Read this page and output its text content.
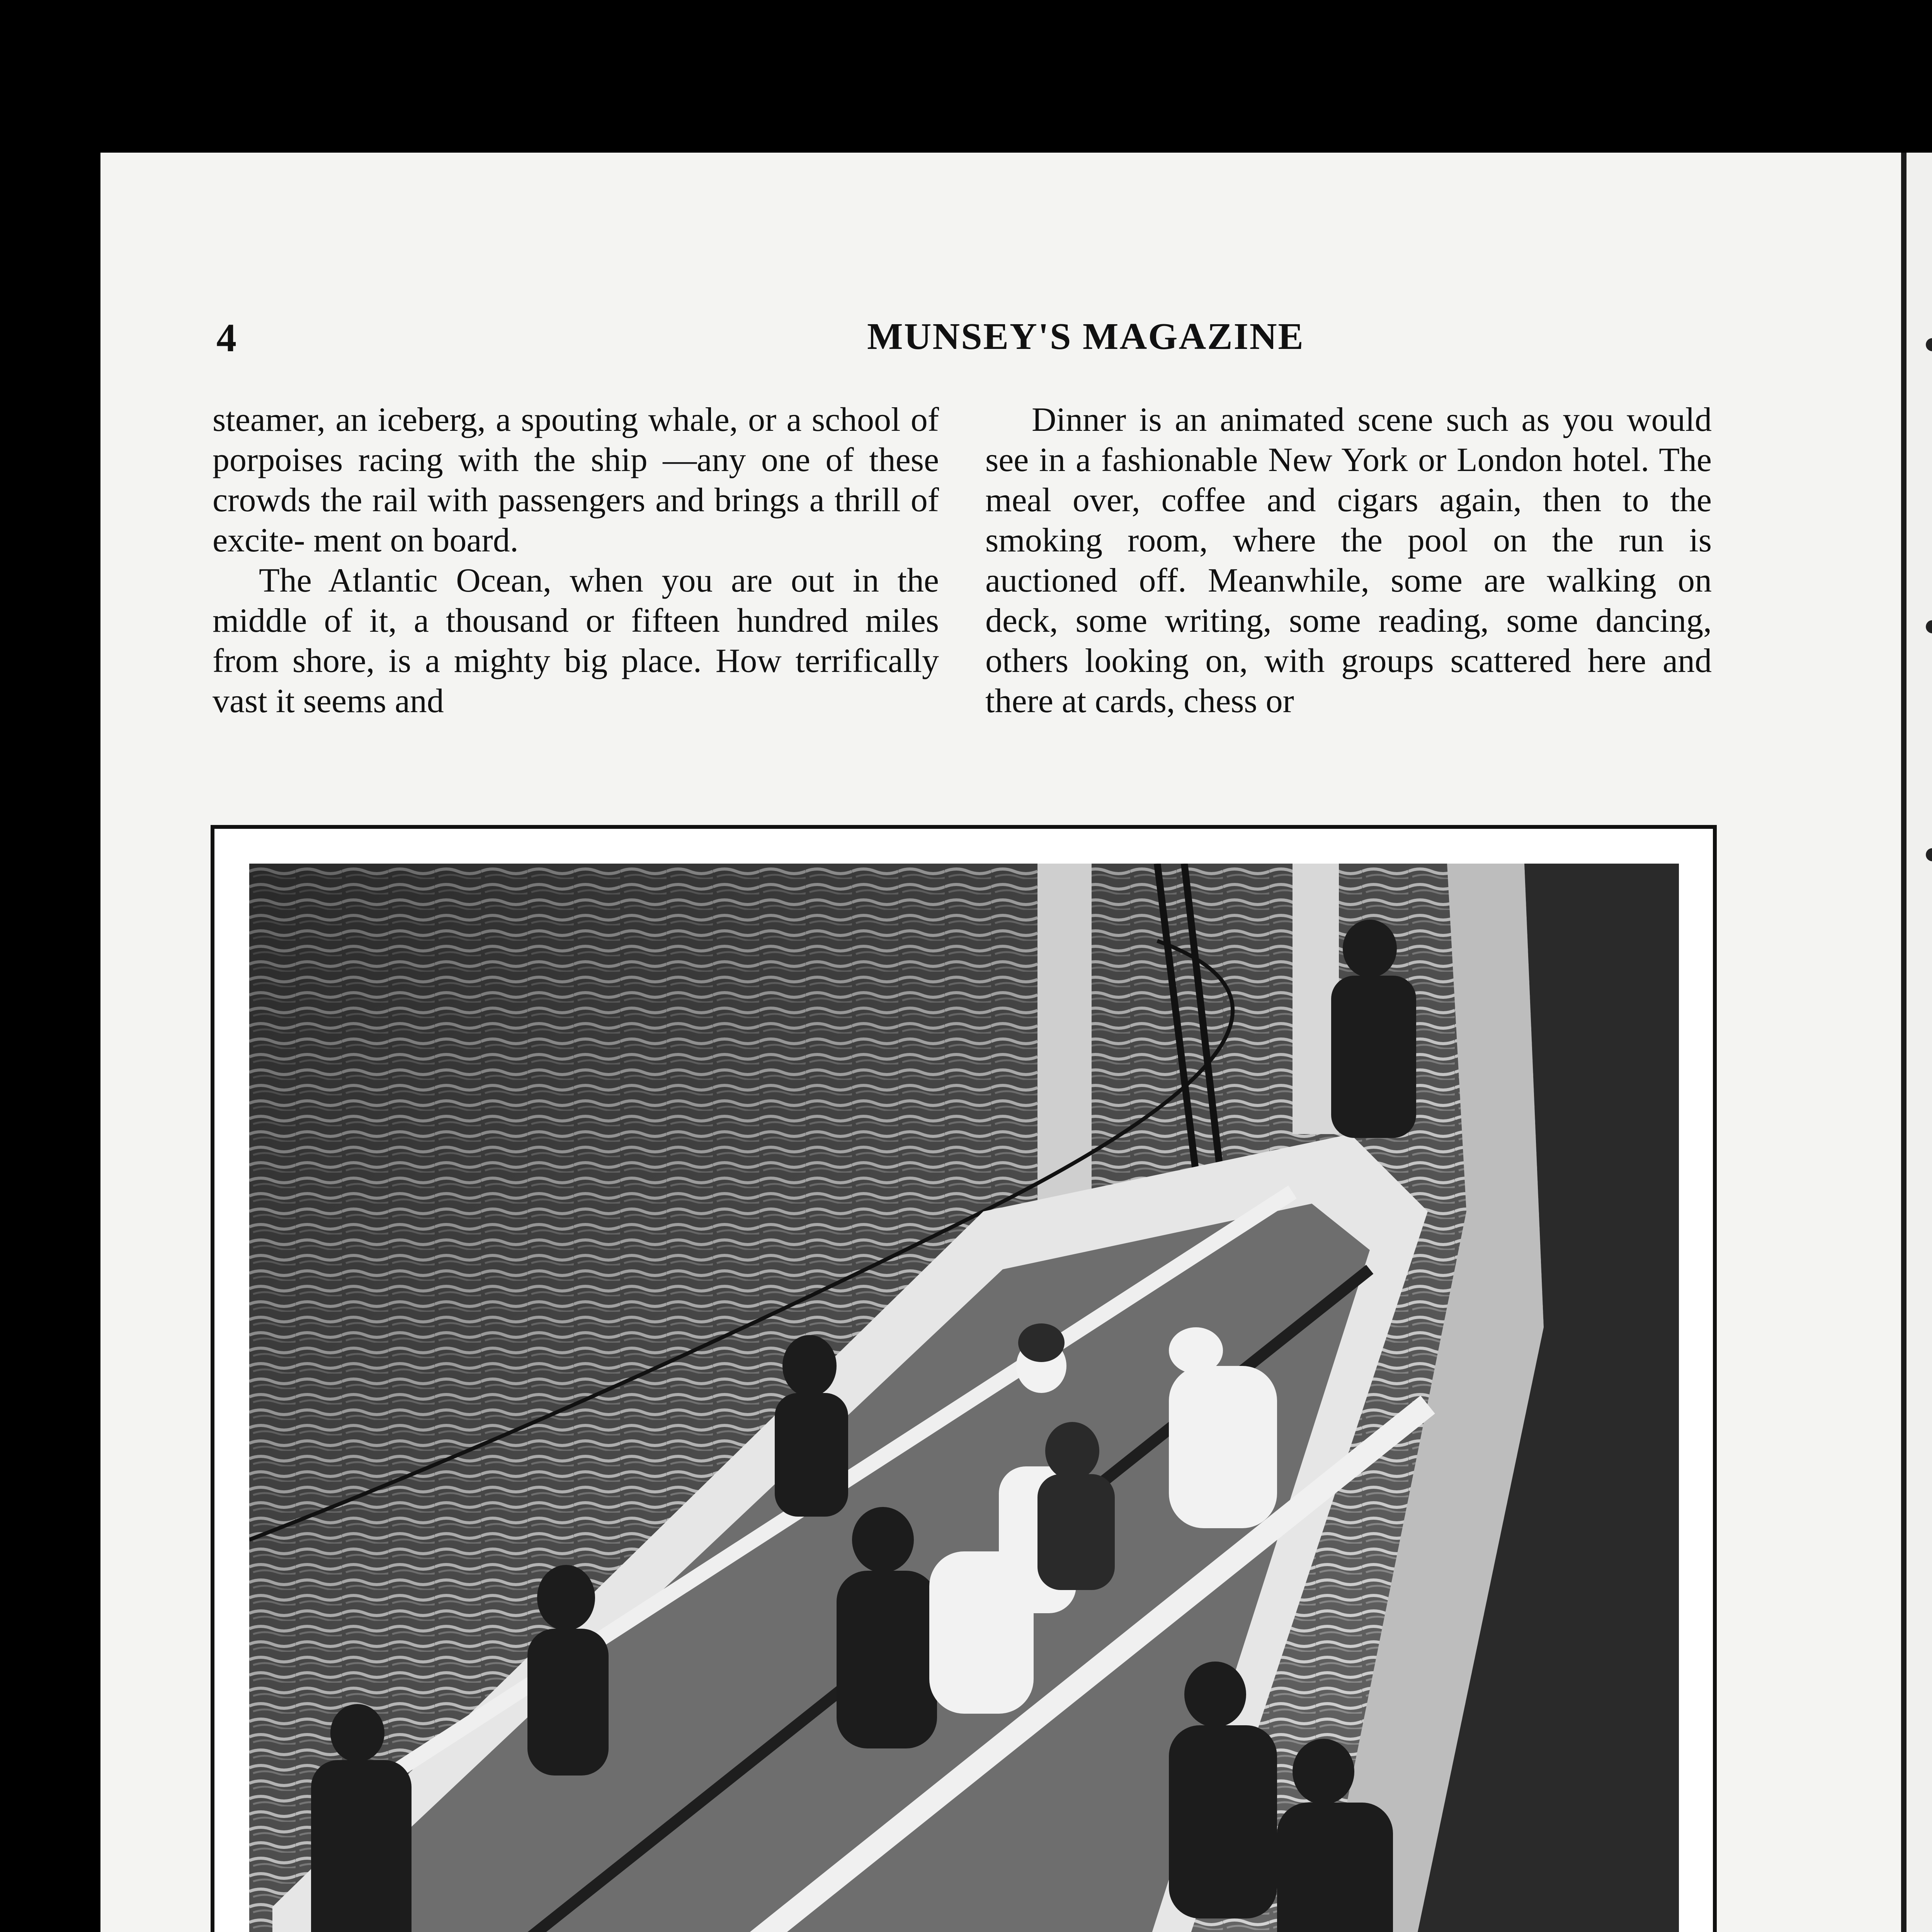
4	MUNSEY'S MAGAZINE

steamer, an iceberg, a spouting whale, or a school of porpoises racing with the ship —any one of these crowds the rail with passengers and brings a thrill of excite- ment on board.

The Atlantic Ocean, when you are out in the middle of it, a thousand or fifteen hundred miles from shore, is a mighty big place. How terrifically vast it seems and

Dinner is an animated scene such as you would see in a fashionable New York or London hotel. The meal over, coffee and cigars again, then to the smoking room, where the pool on the run is auctioned off. Meanwhile, some are walking on deck, some writing, some reading, some dancing, others looking on, with groups scattered here and there at cards, chess or
